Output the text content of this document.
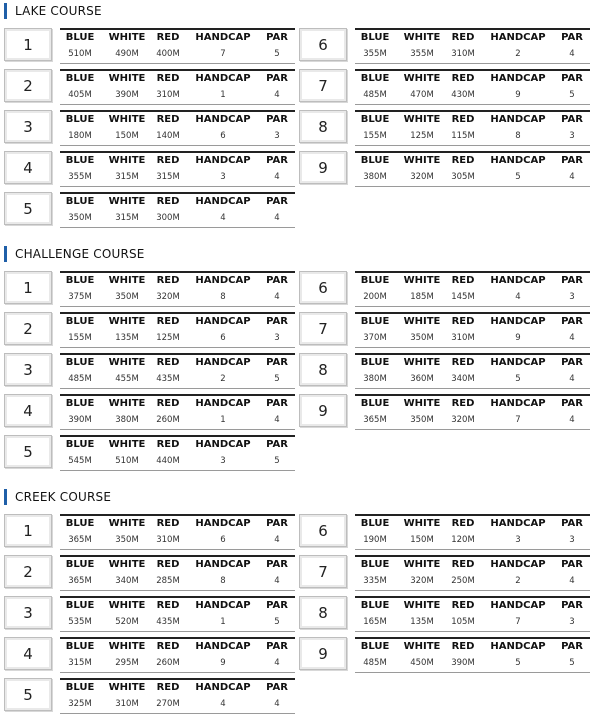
LAKE COURSE
1	BLUE	WHITE	RED	HANDCAP	PAR
510M	490M	400M	7	5
2	BLUE	WHITE	RED	HANDCAP	PAR
405M	390M	310M	1	4
3	BLUE	WHITE	RED	HANDCAP	PAR
180M	150M	140M	6	3
4	BLUE	WHITE	RED	HANDCAP	PAR
355M	315M	315M	3	4
5	BLUE	WHITE	RED	HANDCAP	PAR
350M	315M	300M	4	4
6	BLUE	WHITE	RED	HANDCAP	PAR
355M	355M	310M	2	4
7	BLUE	WHITE	RED	HANDCAP	PAR
485M	470M	430M	9	5
8	BLUE	WHITE	RED	HANDCAP	PAR
155M	125M	115M	8	3
9	BLUE	WHITE	RED	HANDCAP	PAR
380M	320M	305M	5	4
CHALLENGE COURSE
1	BLUE	WHITE	RED	HANDCAP	PAR
375M	350M	320M	8	4
2	BLUE	WHITE	RED	HANDCAP	PAR
155M	135M	125M	6	3
3	BLUE	WHITE	RED	HANDCAP	PAR
485M	455M	435M	2	5
4	BLUE	WHITE	RED	HANDCAP	PAR
390M	380M	260M	1	4
5	BLUE	WHITE	RED	HANDCAP	PAR
545M	510M	440M	3	5
6	BLUE	WHITE	RED	HANDCAP	PAR
200M	185M	145M	4	3
7	BLUE	WHITE	RED	HANDCAP	PAR
370M	350M	310M	9	4
8	BLUE	WHITE	RED	HANDCAP	PAR
380M	360M	340M	5	4
9	BLUE	WHITE	RED	HANDCAP	PAR
365M	350M	320M	7	4
CREEK COURSE
1	BLUE	WHITE	RED	HANDCAP	PAR
365M	350M	310M	6	4
2	BLUE	WHITE	RED	HANDCAP	PAR
365M	340M	285M	8	4
3	BLUE	WHITE	RED	HANDCAP	PAR
535M	520M	435M	1	5
4	BLUE	WHITE	RED	HANDCAP	PAR
315M	295M	260M	9	4
5	BLUE	WHITE	RED	HANDCAP	PAR
325M	310M	270M	4	4
6	BLUE	WHITE	RED	HANDCAP	PAR
190M	150M	120M	3	3
7	BLUE	WHITE	RED	HANDCAP	PAR
335M	320M	250M	2	4
8	BLUE	WHITE	RED	HANDCAP	PAR
165M	135M	105M	7	3
9	BLUE	WHITE	RED	HANDCAP	PAR
485M	450M	390M	5	5
